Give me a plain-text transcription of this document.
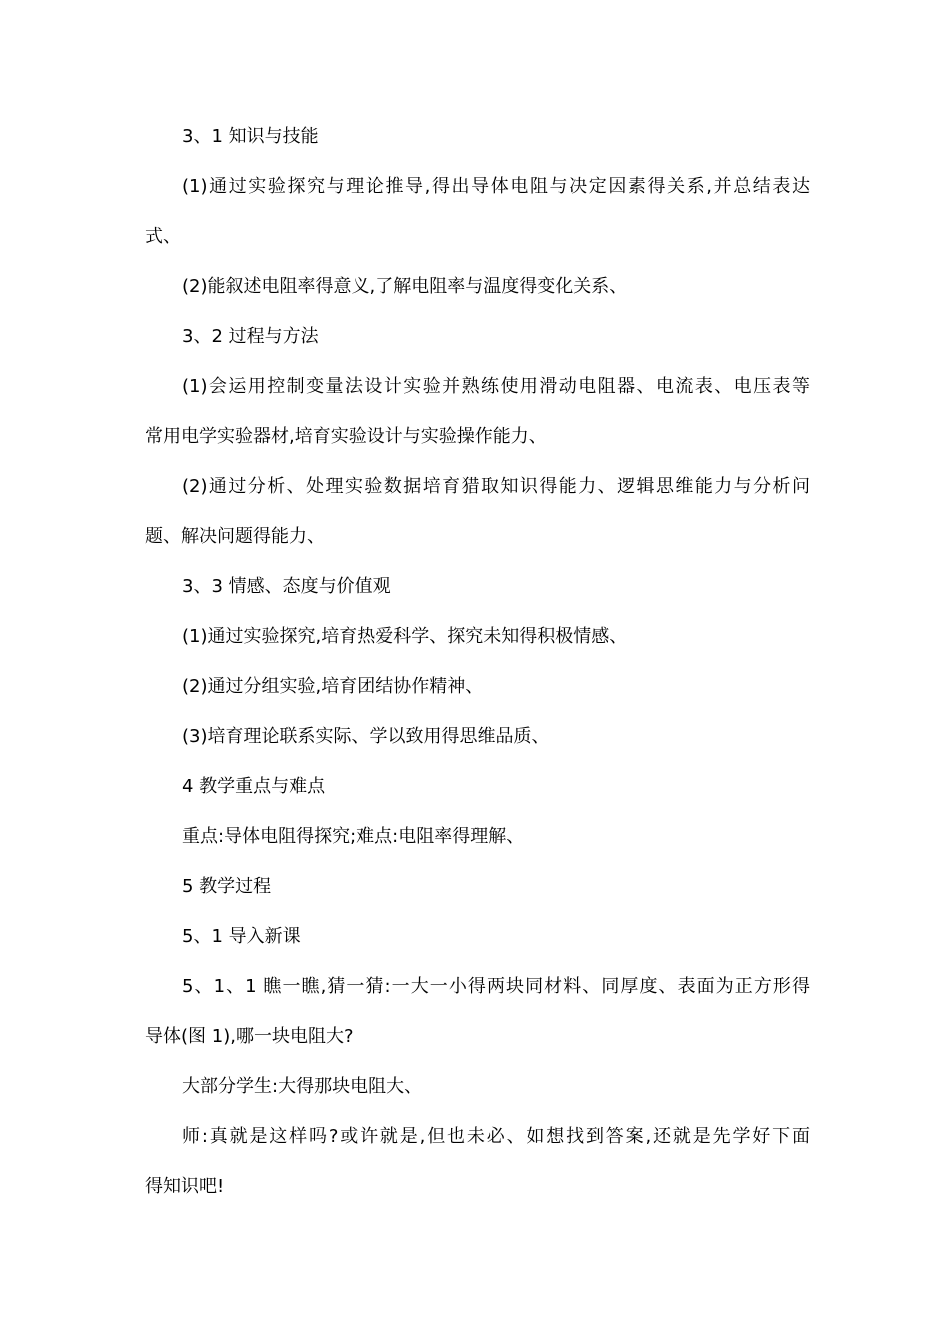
3、1 知识与技能
(1)通过实验探究与理论推导,得出导体电阻与决定因素得关系,并总结表达
式、
(2)能叙述电阻率得意义,了解电阻率与温度得变化关系、
3、2 过程与方法
(1)会运用控制变量法设计实验并熟练使用滑动电阻器、电流表、电压表等
常用电学实验器材,培育实验设计与实验操作能力、
(2)通过分析、处理实验数据培育猎取知识得能力、逻辑思维能力与分析问
题、解决问题得能力、
3、3 情感、态度与价值观
(1)通过实验探究,培育热爱科学、探究未知得积极情感、
(2)通过分组实验,培育团结协作精神、
(3)培育理论联系实际、学以致用得思维品质、
4 教学重点与难点
重点:导体电阻得探究;难点:电阻率得理解、
5 教学过程
5、1 导入新课
5、1、1 瞧一瞧,猜一猜:一大一小得两块同材料、同厚度、表面为正方形得
导体(图 1),哪一块电阻大?
大部分学生:大得那块电阻大、
师:真就是这样吗?或许就是,但也未必、如想找到答案,还就是先学好下面
得知识吧!
